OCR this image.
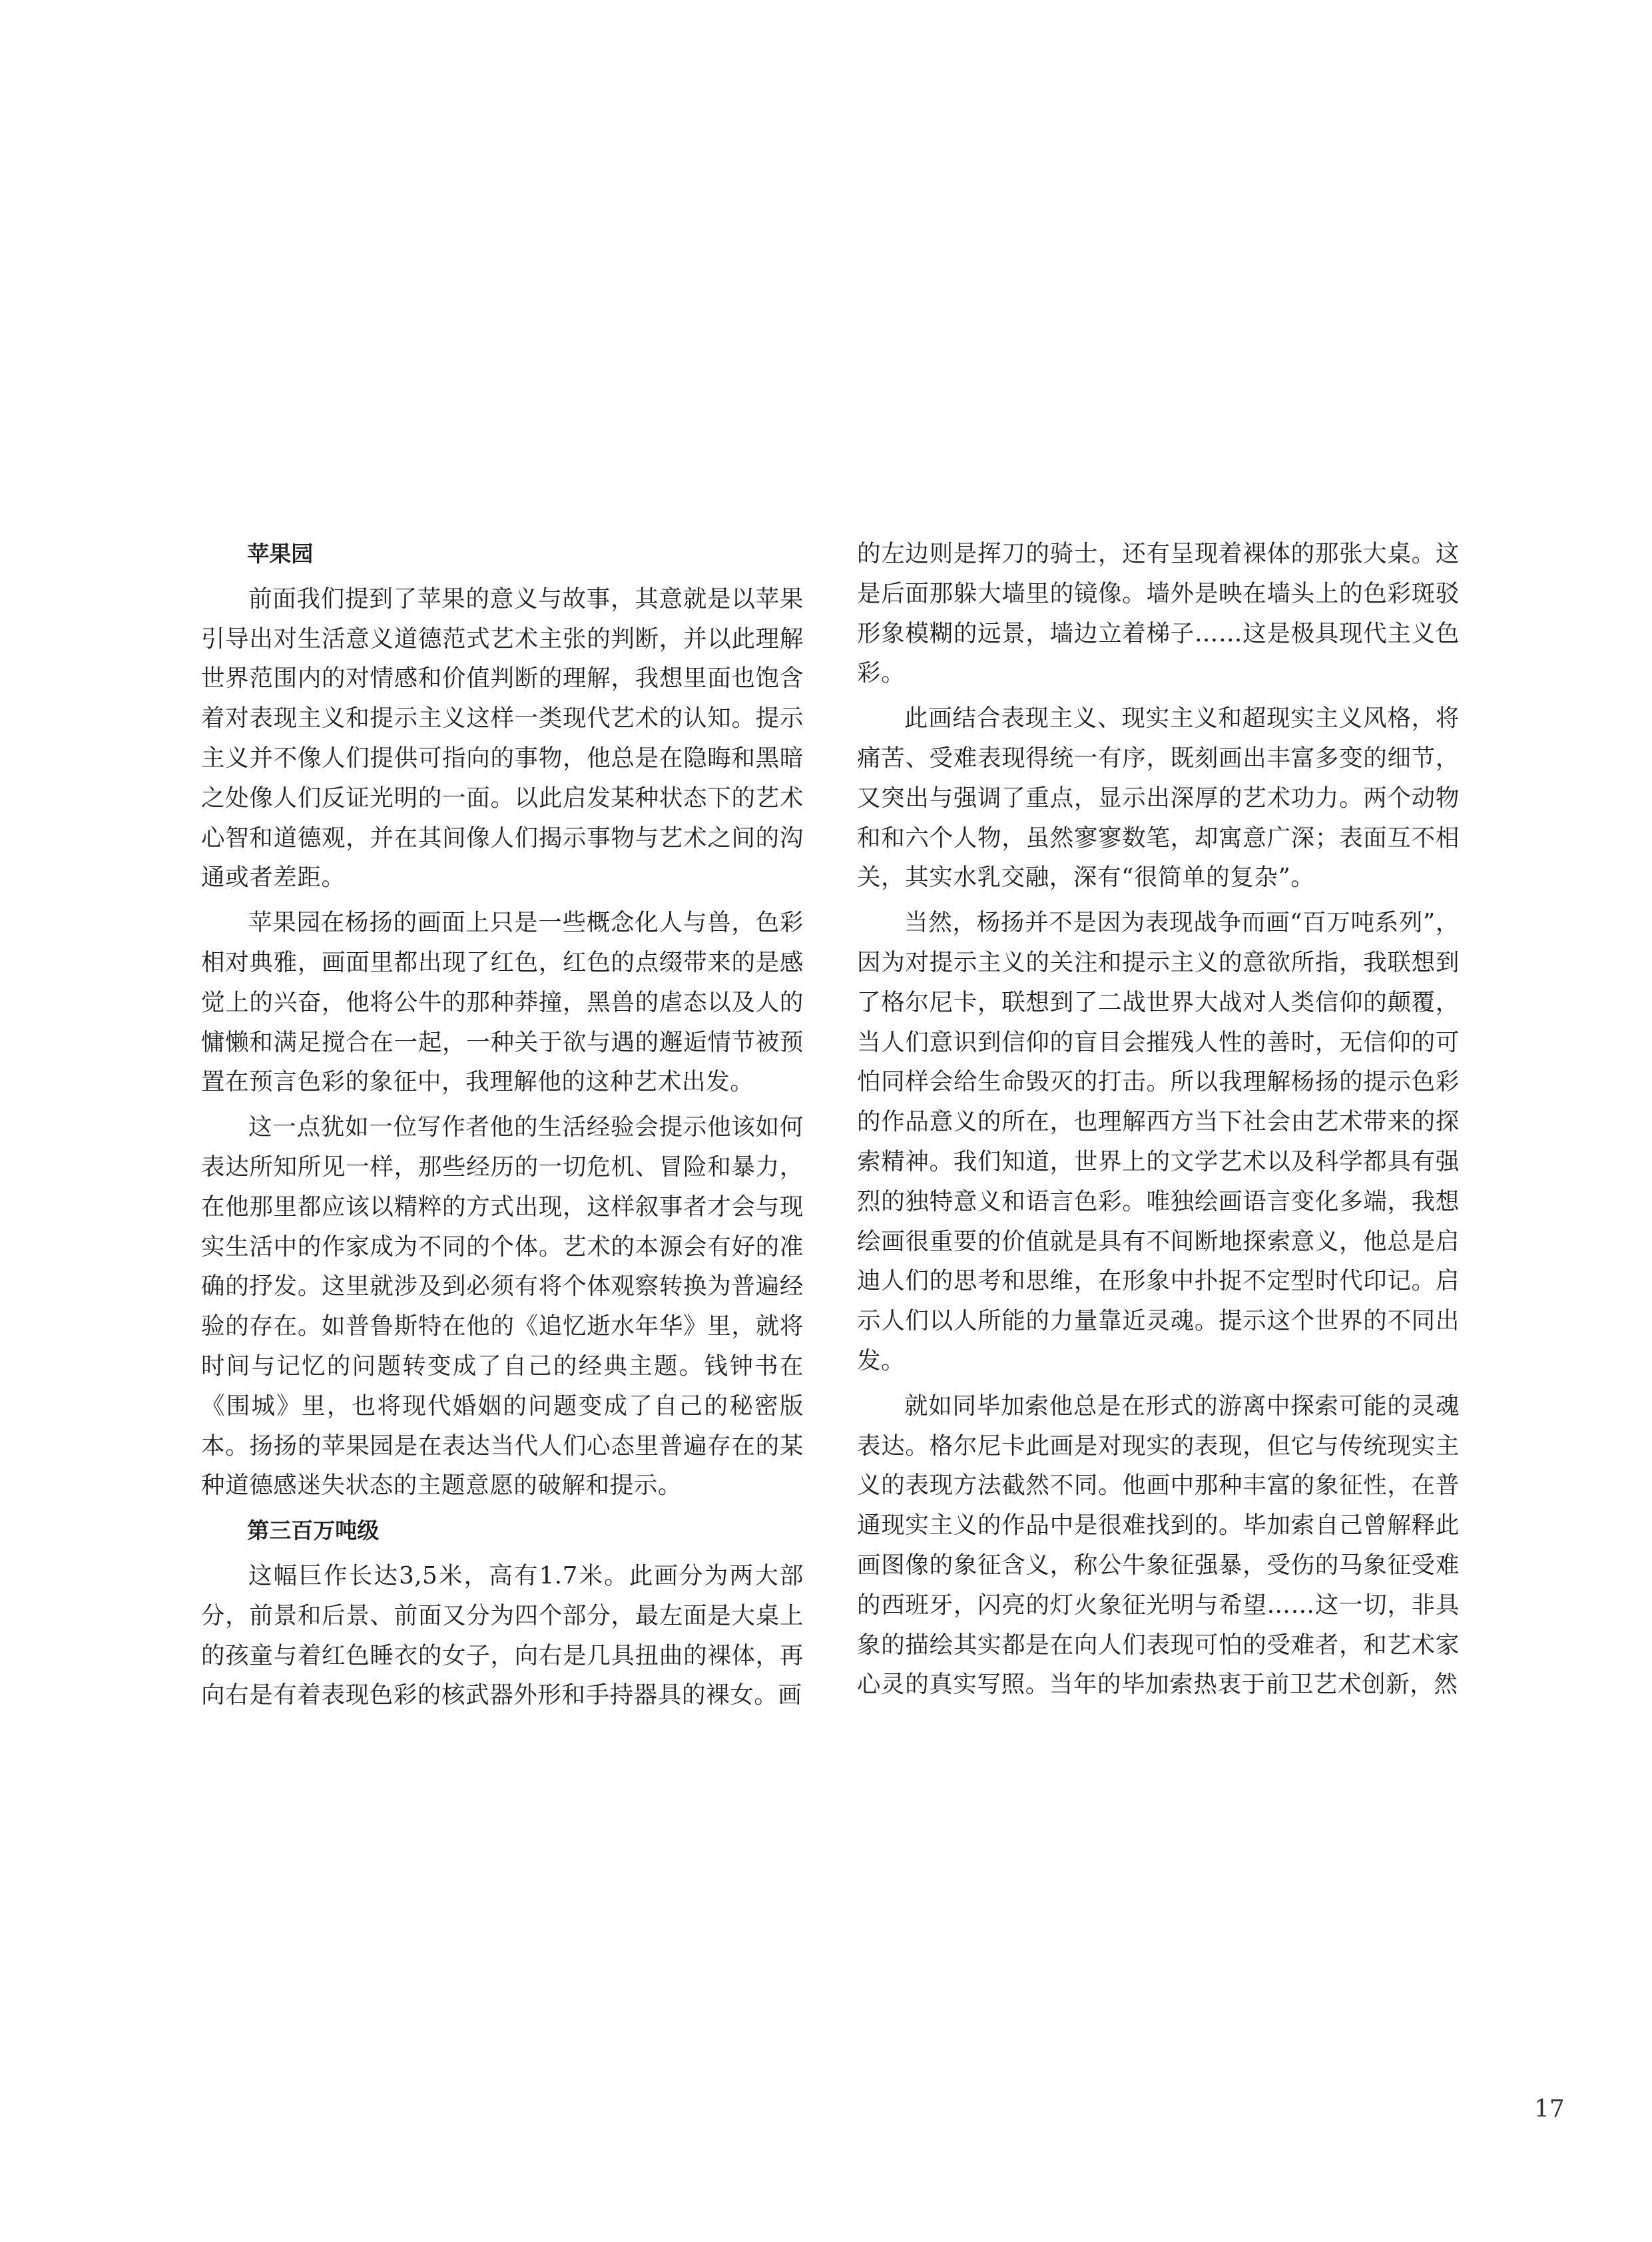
苹果园

前面我们提到了苹果的意义与故事，其意就是以苹果引导出对生活意义道德范式艺术主张的判断，并以此理解世界范围内的对情感和价值判断的理解，我想里面也饱含着对表现主义和提示主义这样一类现代艺术的认知。提示主义并不像人们提供可指向的事物，他总是在隐晦和黑暗之处像人们反证光明的一面。以此启发某种状态下的艺术心智和道德观，并在其间像人们揭示事物与艺术之间的沟通或者差距。

苹果园在杨扬的画面上只是一些概念化人与兽，色彩相对典雅，画面里都出现了红色，红色的点缀带来的是感觉上的兴奋，他将公牛的那种莽撞，黑兽的虐态以及人的慵懒和满足搅合在一起，一种关于欲与遇的邂逅情节被预置在预言色彩的象征中，我理解他的这种艺术出发。

这一点犹如一位写作者他的生活经验会提示他该如何表达所知所见一样，那些经历的一切危机、冒险和暴力，在他那里都应该以精粹的方式出现，这样叙事者才会与现实生活中的作家成为不同的个体。艺术的本源会有好的准确的抒发。这里就涉及到必须有将个体观察转换为普遍经验的存在。如普鲁斯特在他的《追忆逝水年华》里，就将时间与记忆的问题转变成了自己的经典主题。钱钟书在《围城》里，也将现代婚姻的问题变成了自己的秘密版本。扬扬的苹果园是在表达当代人们心态里普遍存在的某种道德感迷失状态的主题意愿的破解和提示。

第三百万吨级

这幅巨作长达3,5米，高有1.7米。此画分为两大部分，前景和后景、前面又分为四个部分，最左面是大桌上的孩童与着红色睡衣的女子，向右是几具扭曲的裸体，再向右是有着表现色彩的核武器外形和手持器具的裸女。画

的左边则是挥刀的骑士，还有呈现着裸体的那张大桌。这是后面那躲大墙里的镜像。墙外是映在墙头上的色彩斑驳形象模糊的远景，墙边立着梯子……这是极具现代主义色彩。

此画结合表现主义、现实主义和超现实主义风格，将痛苦、受难表现得统一有序，既刻画出丰富多变的细节，又突出与强调了重点，显示出深厚的艺术功力。两个动物和和六个人物，虽然寥寥数笔，却寓意广深；表面互不相关，其实水乳交融，深有“很简单的复杂”。

当然，杨扬并不是因为表现战争而画“百万吨系列”，因为对提示主义的关注和提示主义的意欲所指，我联想到了格尔尼卡，联想到了二战世界大战对人类信仰的颠覆，当人们意识到信仰的盲目会摧残人性的善时，无信仰的可怕同样会给生命毁灭的打击。所以我理解杨扬的提示色彩的作品意义的所在，也理解西方当下社会由艺术带来的探索精神。我们知道，世界上的文学艺术以及科学都具有强烈的独特意义和语言色彩。唯独绘画语言变化多端，我想绘画很重要的价值就是具有不间断地探索意义，他总是启迪人们的思考和思维，在形象中扑捉不定型时代印记。启示人们以人所能的力量靠近灵魂。提示这个世界的不同出发。

就如同毕加索他总是在形式的游离中探索可能的灵魂表达。格尔尼卡此画是对现实的表现，但它与传统现实主义的表现方法截然不同。他画中那种丰富的象征性，在普通现实主义的作品中是很难找到的。毕加索自己曾解释此画图像的象征含义，称公牛象征强暴，受伤的马象征受难的西班牙，闪亮的灯火象征光明与希望……这一切，非具象的描绘其实都是在向人们表现可怕的受难者，和艺术家心灵的真实写照。当年的毕加索热衷于前卫艺术创新，然

17
